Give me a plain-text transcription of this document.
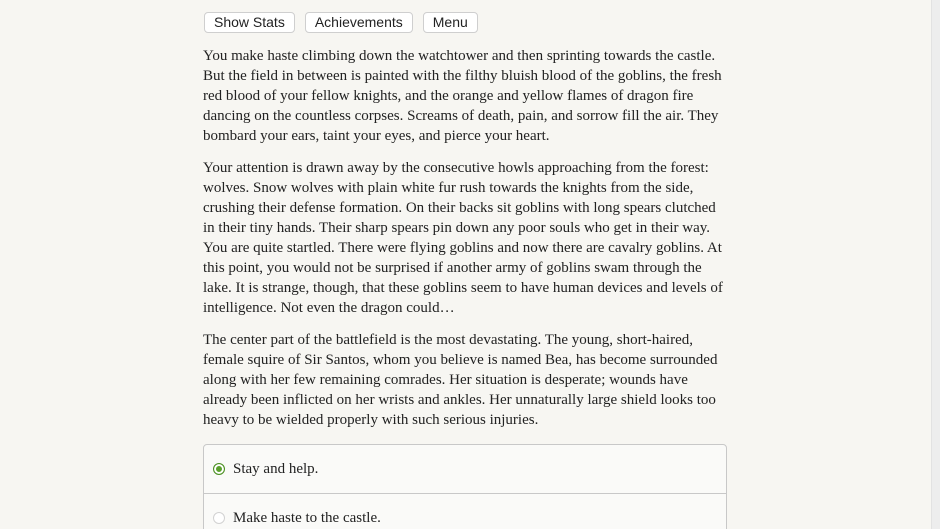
Show Stats	Achievements	Menu

You make haste climbing down the watchtower and then sprinting towards the castle. But the field in between is painted with the filthy bluish blood of the goblins, the fresh red blood of your fellow knights, and the orange and yellow flames of dragon fire dancing on the countless corpses. Screams of death, pain, and sorrow fill the air. They bombard your ears, taint your eyes, and pierce your heart.

Your attention is drawn away by the consecutive howls approaching from the forest: wolves. Snow wolves with plain white fur rush towards the knights from the side, crushing their defense formation. On their backs sit goblins with long spears clutched in their tiny hands. Their sharp spears pin down any poor souls who get in their way. You are quite startled. There were flying goblins and now there are cavalry goblins. At this point, you would not be surprised if another army of goblins swam through the lake. It is strange, though, that these goblins seem to have human devices and levels of intelligence. Not even the dragon could…

The center part of the battlefield is the most devastating. The young, short-haired, female squire of Sir Santos, whom you believe is named Bea, has become surrounded along with her few remaining comrades. Her situation is desperate; wounds have already been inflicted on her wrists and ankles. Her unnaturally large shield looks too heavy to be wielded properly with such serious injuries.

Stay and help.
Make haste to the castle.
